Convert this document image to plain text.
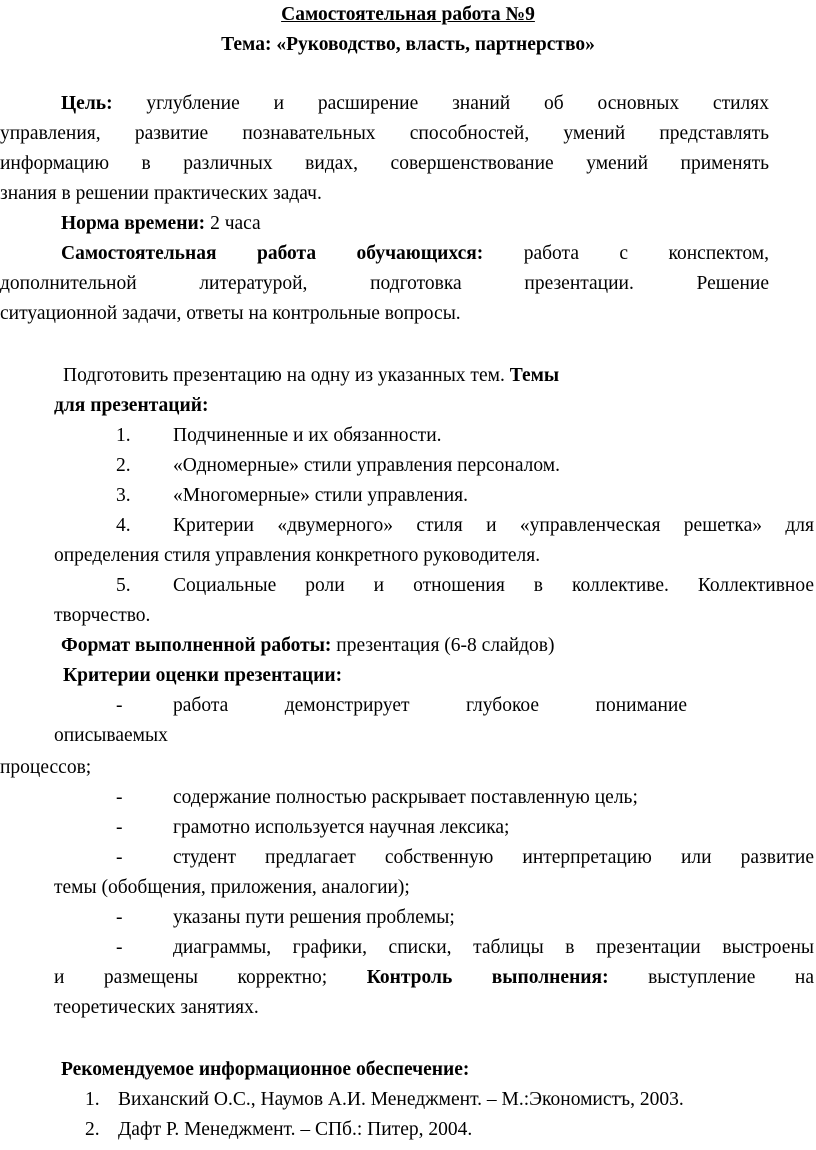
Самостоятельная работа №9
Тема: «Руководство, власть, партнерство»
Цель: углубление и расширение знаний об основных стилях
управления, развитие познавательных способностей, умений представлять
информацию в различных видах, совершенствование умений применять
знания в решении практических задач.
Норма времени: 2 часа
Самостоятельная работа обучающихся: работа с конспектом,
дополнительной литературой, подготовка презентации. Решение
ситуационной задачи, ответы на контрольные вопросы.
Подготовить презентацию на одну из указанных тем. Темы
для презентаций:
1. Подчиненные и их обязанности.
2. «Одномерные» стили управления персоналом.
3. «Многомерные» стили управления.
4. Критерии «двумерного» стиля и «управленческая решетка» для
определения стиля управления конкретного руководителя.
5. Социальные роли и отношения в коллективе. Коллективное
творчество.
Формат выполненной работы: презентация (6-8 слайдов)
Критерии оценки презентации:
-	работа демонстрирует глубокое понимание
описываемых
процессов;
-	содержание полностью раскрывает поставленную цель;
-	грамотно используется научная лексика;
-	студент предлагает собственную интерпретацию или развитие
темы (обобщения, приложения, аналогии);
-	указаны пути решения проблемы;
-	диаграммы, графики, списки, таблицы в презентации выстроены
и размещены корректно; Контроль выполнения: выступление на
теоретических занятиях.
Рекомендуемое информационное обеспечение:
1. Виханский О.С., Наумов А.И. Менеджмент. – М.:Экономистъ, 2003.
2. Дафт Р. Менеджмент. – СПб.: Питер, 2004.
